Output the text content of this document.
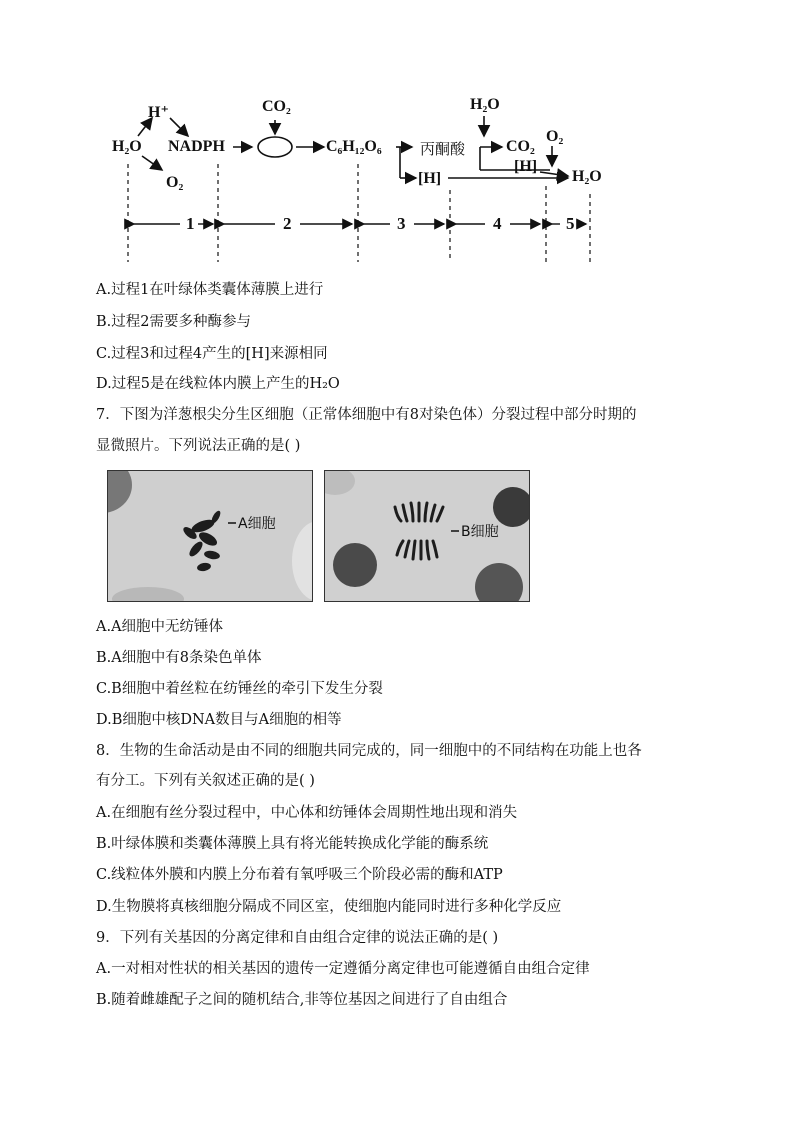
H⁺
H₂O NADPH
O₂
CO₂
C₆H₁₂O₆	丙酮酸
[H]
H₂O
CO₂
O₂
[H]
H₂O
1	2	3	4	5
A.过程1在叶绿体类囊体薄膜上进行
B.过程2需要多种酶参与
C.过程3和过程4产生的[H]来源相同
D.过程5是在线粒体内膜上产生的H₂O
7．下图为洋葱根尖分生区细胞（正常体细胞中有8对染色体）分裂过程中部分时期的
显微照片。下列说法正确的是( )
A细胞	B细胞
A.A细胞中无纺锤体
B.A细胞中有8条染色单体
C.B细胞中着丝粒在纺锤丝的牵引下发生分裂
D.B细胞中核DNA数目与A细胞的相等
8．生物的生命活动是由不同的细胞共同完成的，同一细胞中的不同结构在功能上也各
有分工。下列有关叙述正确的是( )
A.在细胞有丝分裂过程中，中心体和纺锤体会周期性地出现和消失
B.叶绿体膜和类囊体薄膜上具有将光能转换成化学能的酶系统
C.线粒体外膜和内膜上分布着有氧呼吸三个阶段必需的酶和ATP
D.生物膜将真核细胞分隔成不同区室，使细胞内能同时进行多种化学反应
9．下列有关基因的分离定律和自由组合定律的说法正确的是( )
A.一对相对性状的相关基因的遗传一定遵循分离定律也可能遵循自由组合定律
B.随着雌雄配子之间的随机结合,非等位基因之间进行了自由组合
